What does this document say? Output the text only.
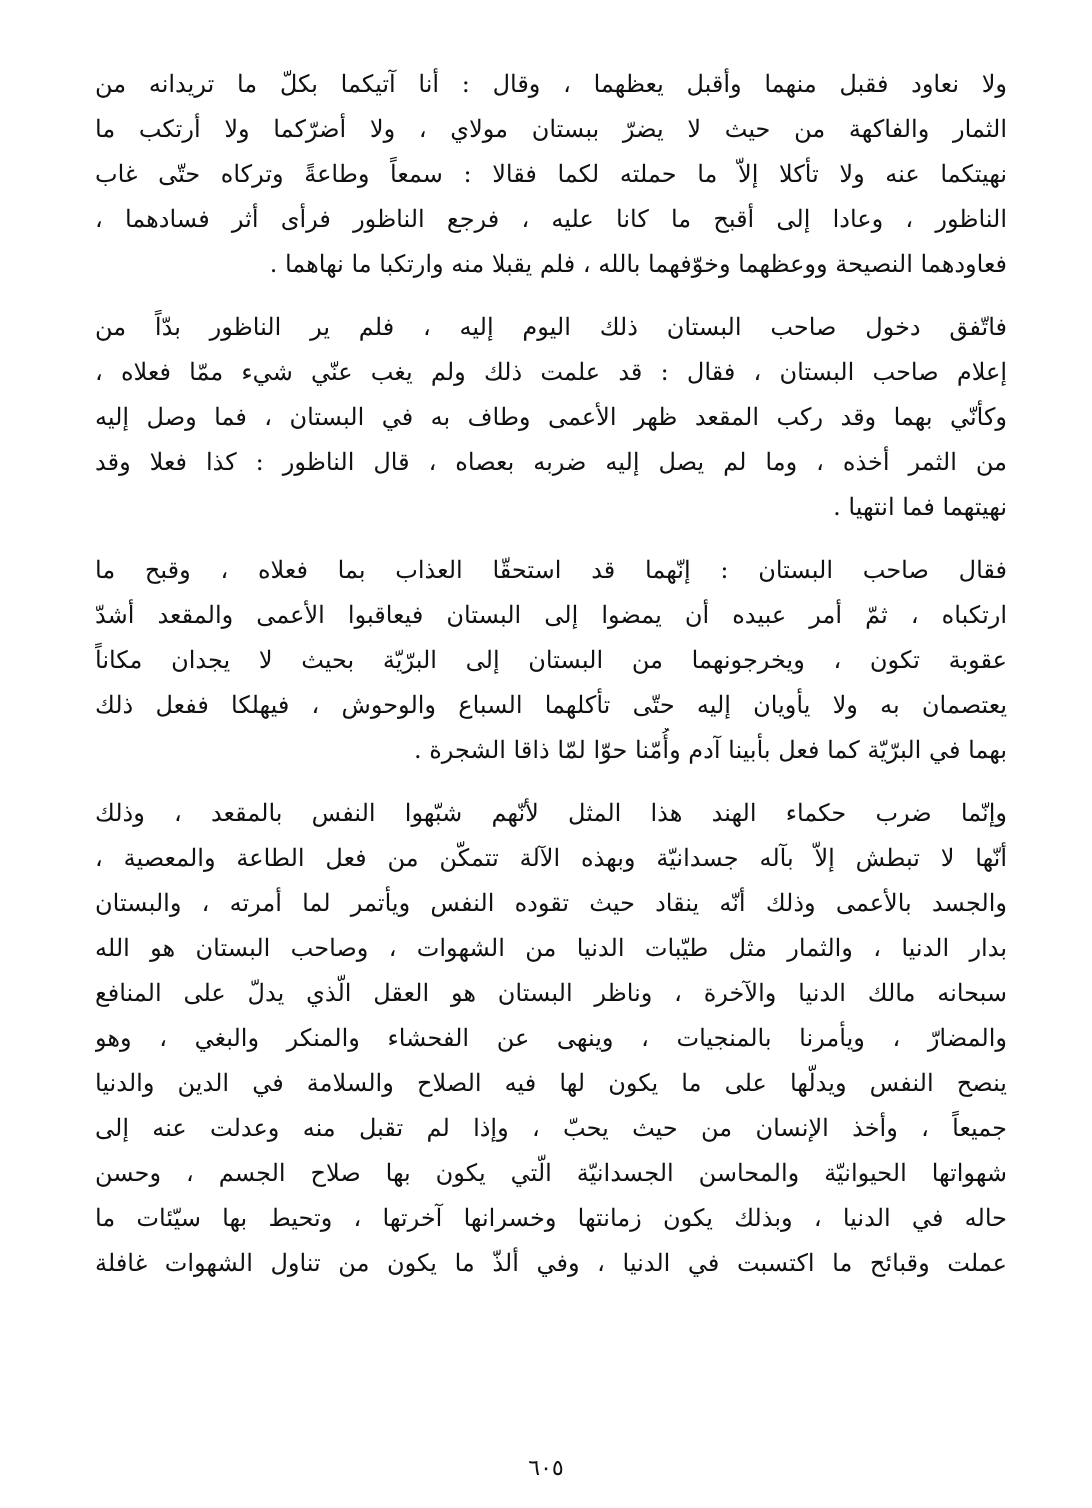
ولا نعاود فقبل منهما وأقبل يعظهما ، وقال : أنا آتيكما بكلّ ما تريدانه من
الثمار والفاكهة من حيث لا يضرّ ببستان مولاي ، ولا أضرّكما ولا أرتكب ما
نهيتكما عنه ولا تأكلا إلاّ ما حملته لكما فقالا : سمعاً وطاعةً وتركاه حتّى غاب
الناظور ، وعادا إلى أقبح ما كانا عليه ، فرجع الناظور فرأى أثر فسادهما ،
فعاودهما النصيحة ووعظهما وخوّفهما بالله ، فلم يقبلا منه وارتكبا ما نهاهما .

فاتّفق دخول صاحب البستان ذلك اليوم إليه ، فلم ير الناظور بدّاً من
إعلام صاحب البستان ، فقال : قد علمت ذلك ولم يغب عنّي شيء ممّا فعلاه ،
وكأنّي بهما وقد ركب المقعد ظهر الأعمى وطاف به في البستان ، فما وصل إليه
من الثمر أخذه ، وما لم يصل إليه ضربه بعصاه ، قال الناظور : كذا فعلا وقد
نهيتهما فما انتهيا .

فقال صاحب البستان : إنّهما قد استحقّا العذاب بما فعلاه ، وقبح ما
ارتكباه ، ثمّ أمر عبيده أن يمضوا إلى البستان فيعاقبوا الأعمى والمقعد أشدّ
عقوبة تكون ، ويخرجونهما من البستان إلى البرّيّة بحيث لا يجدان مكاناً
يعتصمان به ولا يأويان إليه حتّى تأكلهما السباع والوحوش ، فيهلكا ففعل ذلك
بهما في البرّيّة كما فعل بأبينا آدم وأُمّنا حوّا لمّا ذاقا الشجرة .

وإنّما ضرب حكماء الهند هذا المثل لأنّهم شبّهوا النفس بالمقعد ، وذلك
أنّها لا تبطش إلاّ بآله جسدانيّة وبهذه الآلة تتمكّن من فعل الطاعة والمعصية ،
والجسد بالأعمى وذلك أنّه ينقاد حيث تقوده النفس ويأتمر لما أمرته ، والبستان
بدار الدنيا ، والثمار مثل طيّبات الدنيا من الشهوات ، وصاحب البستان هو الله
سبحانه مالك الدنيا والآخرة ، وناظر البستان هو العقل الّذي يدلّ على المنافع
والمضارّ ، ويأمرنا بالمنجيات ، وينهى عن الفحشاء والمنكر والبغي ، وهو
ينصح النفس ويدلّها على ما يكون لها فيه الصلاح والسلامة في الدين والدنيا
جميعاً ، وأخذ الإنسان من حيث يحبّ ، وإذا لم تقبل منه وعدلت عنه إلى
شهواتها الحيوانيّة والمحاسن الجسدانيّة الّتي يكون بها صلاح الجسم ، وحسن
حاله في الدنيا ، وبذلك يكون زمانتها وخسرانها آخرتها ، وتحيط بها سيّئات ما
عملت وقبائح ما اكتسبت في الدنيا ، وفي ألذّ ما يكون من تناول الشهوات غافلة

٦٠٥
